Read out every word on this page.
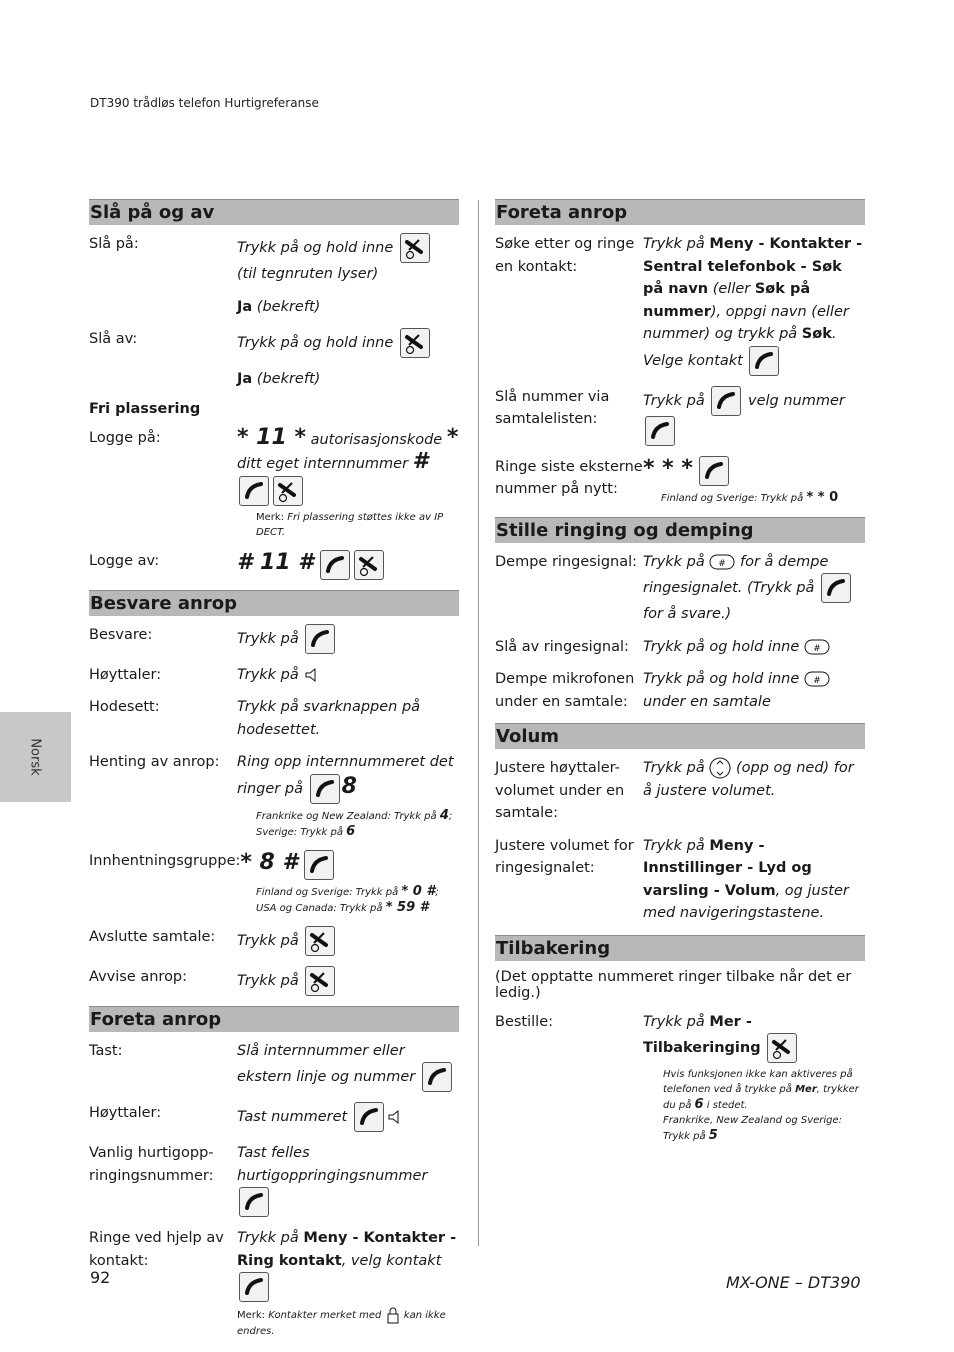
DT390 trådløs telefon Hurtigreferanse
Norsk
Slå på og av
Slå på:	Trykk på og hold inne

(til tegnruten lyser)
Ja (bekreft)
Slå av:	Trykk på og hold inne
Ja (bekreft)
Fri plassering
Logge på:	* 11 * autorisasjonskode * ditt eget internnummer #
Merk: Fri plassering støttes ikke av IP DECT.
Logge av:	# 11 #
Besvare anrop
Besvare:	Trykk på
Høyttaler:	Trykk på
Hodesett:	Trykk på svarknappen på hodesettet.
Henting av anrop:	Ring opp internnummeret det ringer på 8
Frankrike og New Zealand: Trykk på 4;
Sverige: Trykk på 6
Innhentningsgruppe: * 8 #
Finland og Sverige: Trykk på * 0 #;
USA og Canada: Trykk på * 59 #
Avslutte samtale:	Trykk på
Avvise anrop:	Trykk på
Foreta anrop
Tast:	Slå internnummer eller ekstern linje og nummer
Høyttaler:	Tast nummeret
Vanlig hurtigopp-ringingsnummer:
Tast felles hurtigoppringingsnummer
Ringe ved hjelp av kontakt:
Trykk på Meny - Kontakter - Ring kontakt, velg kontakt
Merk: Kontakter merket med kan ikke endres.
Foreta anrop
Søke etter og ringe en kontakt:
Trykk på Meny - Kontakter - Sentral telefonbok - Søk på navn (eller Søk på nummer), oppgi navn (eller nummer) og trykk på Søk. Velge kontakt
Slå nummer via samtalelisten:
Trykk på	velg nummer
Ringe siste eksterne nummer på nytt:
* * *
Finland og Sverige: Trykk på * * 0
Stille ringing og demping
Dempe ringesignal: Trykk på # for å dempe ringesignalet. (Trykk på
for å svare.)
Slå av ringesignal: Trykk på og hold inne #
Dempe mikrofonen under en samtale:
Trykk på og hold inne #
under en samtale
Volum
Justere høyttaler-volumet under en samtale:
Trykk på (opp og ned) for å justere volumet.
Justere volumet for ringesignalet:
Trykk på Meny - Innstillinger - Lyd og varsling - Volum, og juster med navigeringstastene.
Tilbakering
(Det opptatte nummeret ringer tilbake når det er ledig.)
Bestille:	Trykk på Mer - Tilbakeringing
Hvis funksjonen ikke kan aktiveres på telefonen ved å trykke på Mer, trykker du på 6 i stedet.
Frankrike, New Zealand og Sverige: Trykk på 5
92	MX-ONE – DT390
